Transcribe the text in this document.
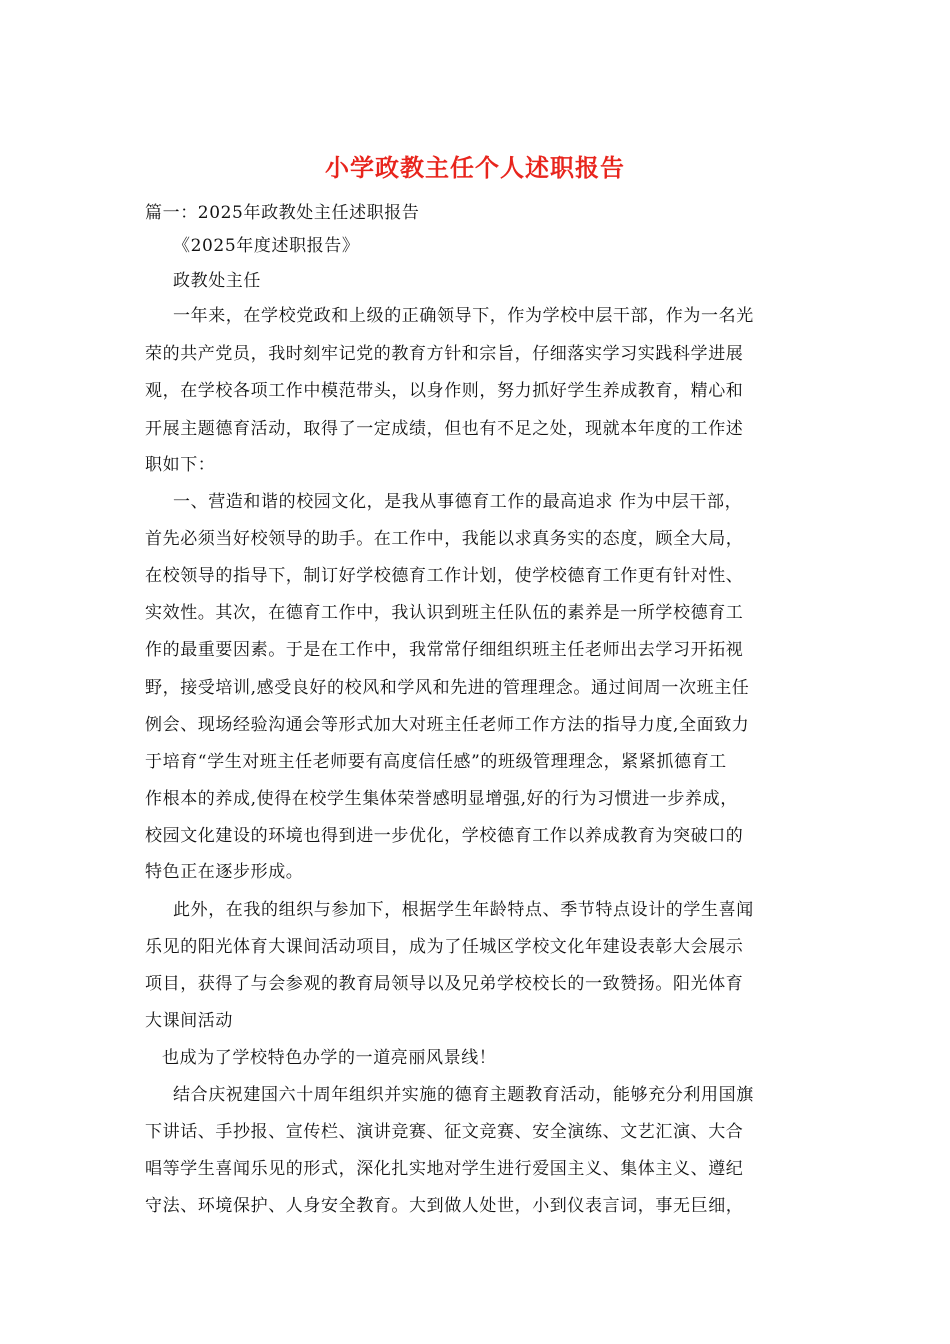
小学政教主任个人述职报告
篇一：2025年政教处主任述职报告
《2025年度述职报告》
政教处主任
一年来，在学校党政和上级的正确领导下，作为学校中层干部，作为一名光
荣的共产党员，我时刻牢记党的教育方针和宗旨，仔细落实学习实践科学进展
观，在学校各项工作中模范带头，以身作则，努力抓好学生养成教育，精心和
开展主题德育活动，取得了一定成绩，但也有不足之处，现就本年度的工作述
职如下：
一、营造和谐的校园文化，是我从事德育工作的最高追求 作为中层干部，
首先必须当好校领导的助手。在工作中，我能以求真务实的态度，顾全大局，
在校领导的指导下，制订好学校德育工作计划，使学校德育工作更有针对性、
实效性。其次，在德育工作中，我认识到班主任队伍的素养是一所学校德育工
作的最重要因素。于是在工作中，我常常仔细组织班主任老师出去学习开拓视
野，接受培训,感受良好的校风和学风和先进的管理理念。通过间周一次班主任
例会、现场经验沟通会等形式加大对班主任老师工作方法的指导力度,全面致力
于培育“学生对班主任老师要有高度信任感”的班级管理理念，紧紧抓德育工
作根本的养成,使得在校学生集体荣誉感明显增强,好的行为习惯进一步养成，
校园文化建设的环境也得到进一步优化，学校德育工作以养成教育为突破口的
特色正在逐步形成。
此外，在我的组织与参加下，根据学生年龄特点、季节特点设计的学生喜闻
乐见的阳光体育大课间活动项目，成为了任城区学校文化年建设表彰大会展示
项目，获得了与会参观的教育局领导以及兄弟学校校长的一致赞扬。阳光体育
大课间活动
也成为了学校特色办学的一道亮丽风景线！
结合庆祝建国六十周年组织并实施的德育主题教育活动，能够充分利用国旗
下讲话、手抄报、宣传栏、演讲竞赛、征文竞赛、安全演练、文艺汇演、大合
唱等学生喜闻乐见的形式，深化扎实地对学生进行爱国主义、集体主义、遵纪
守法、环境保护、人身安全教育。大到做人处世，小到仪表言词，事无巨细，
